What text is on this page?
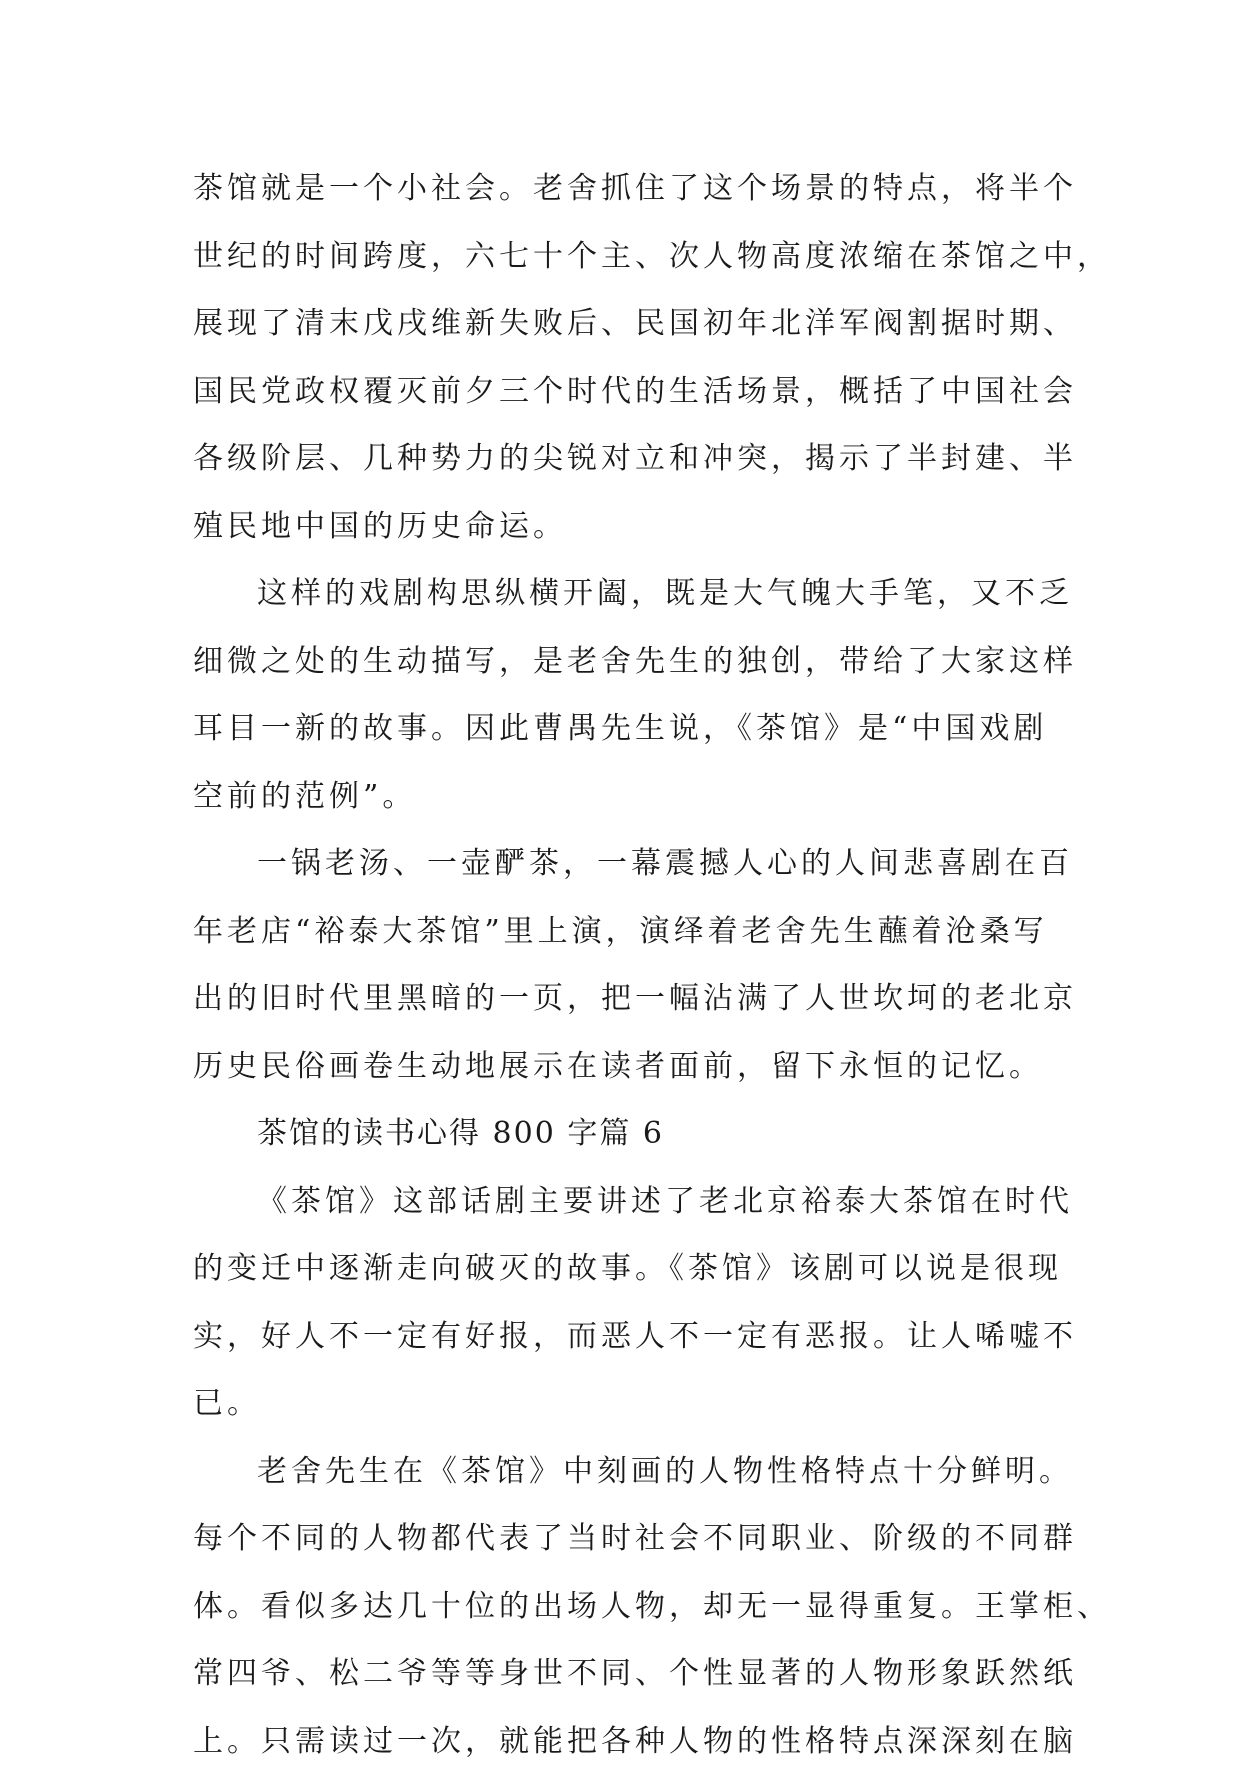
茶馆就是一个小社会。老舍抓住了这个场景的特点，将半个
世纪的时间跨度，六七十个主、次人物高度浓缩在茶馆之中，
展现了清末戊戌维新失败后、民国初年北洋军阀割据时期、
国民党政权覆灭前夕三个时代的生活场景，概括了中国社会
各级阶层、几种势力的尖锐对立和冲突，揭示了半封建、半
殖民地中国的历史命运。
这样的戏剧构思纵横开阖，既是大气魄大手笔，又不乏
细微之处的生动描写，是老舍先生的独创，带给了大家这样
耳目一新的故事。因此曹禺先生说，《茶馆》是“中国戏剧
空前的范例”。
一锅老汤、一壶酽茶，一幕震撼人心的人间悲喜剧在百
年老店“裕泰大茶馆”里上演，演绎着老舍先生蘸着沧桑写
出的旧时代里黑暗的一页，把一幅沾满了人世坎坷的老北京
历史民俗画卷生动地展示在读者面前，留下永恒的记忆。
茶馆的读书心得 800 字篇 6
《茶馆》这部话剧主要讲述了老北京裕泰大茶馆在时代
的变迁中逐渐走向破灭的故事。《茶馆》该剧可以说是很现
实，好人不一定有好报，而恶人不一定有恶报。让人唏嘘不
已。
老舍先生在《茶馆》中刻画的人物性格特点十分鲜明。
每个不同的人物都代表了当时社会不同职业、阶级的不同群
体。看似多达几十位的出场人物，却无一显得重复。王掌柜、
常四爷、松二爷等等身世不同、个性显著的人物形象跃然纸
上。只需读过一次，就能把各种人物的性格特点深深刻在脑
